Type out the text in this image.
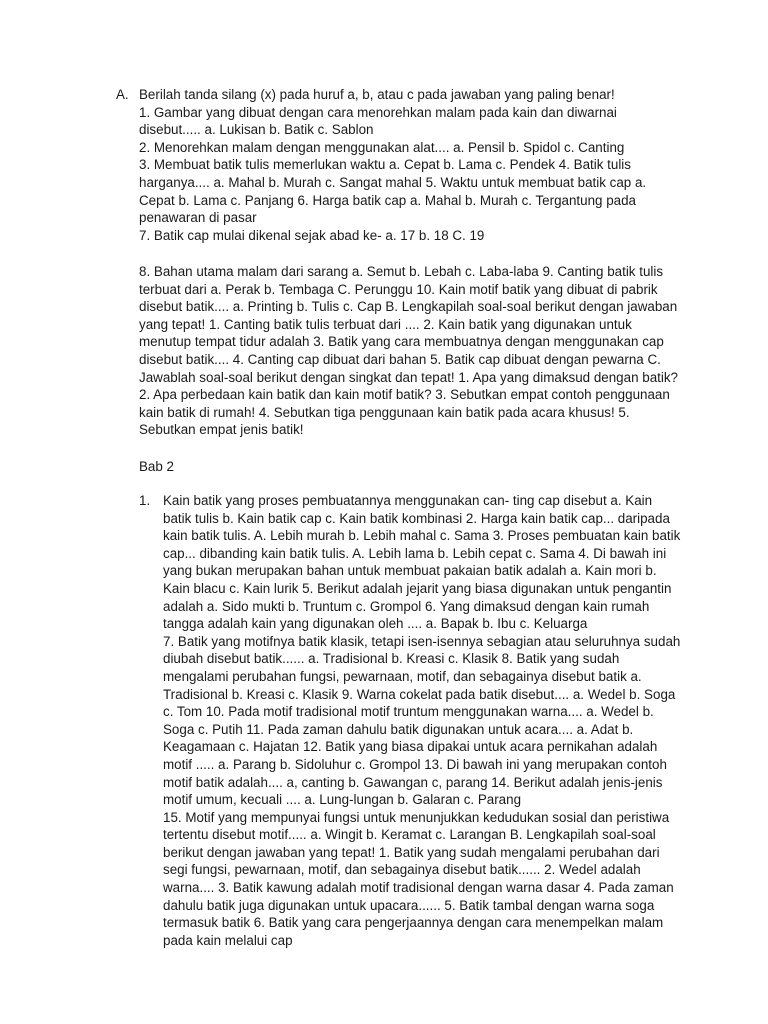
A. Berilah tanda silang (x) pada huruf a, b, atau c pada jawaban yang paling benar!

1. Gambar yang dibuat dengan cara menorehkan malam pada kain dan diwarnai disebut..... a. Lukisan b. Batik c. Sablon

2. Menorehkan malam dengan menggunakan alat.... a. Pensil b. Spidol c. Canting

3. Membuat batik tulis memerlukan waktu a. Cepat b. Lama c. Pendek 4. Batik tulis harganya.... a. Mahal b. Murah c. Sangat mahal 5. Waktu untuk membuat batik cap a. Cepat b. Lama c. Panjang 6. Harga batik cap a. Mahal b. Murah c. Tergantung pada penawaran di pasar

7. Batik cap mulai dikenal sejak abad ke- a. 17 b. 18 C. 19

8. Bahan utama malam dari sarang a. Semut b. Lebah c. Laba-laba 9. Canting batik tulis terbuat dari a. Perak b. Tembaga C. Perunggu 10. Kain motif batik yang dibuat di pabrik disebut batik.... a. Printing b. Tulis c. Cap B. Lengkapilah soal-soal berikut dengan jawaban yang tepat! 1. Canting batik tulis terbuat dari .... 2. Kain batik yang digunakan untuk menutup tempat tidur adalah 3. Batik yang cara membuatnya dengan menggunakan cap disebut batik.... 4. Canting cap dibuat dari bahan 5. Batik cap dibuat dengan pewarna C. Jawablah soal-soal berikut dengan singkat dan tepat! 1. Apa yang dimaksud dengan batik? 2. Apa perbedaan kain batik dan kain motif batik? 3. Sebutkan empat contoh penggunaan kain batik di rumah! 4. Sebutkan tiga penggunaan kain batik pada acara khusus! 5. Sebutkan empat jenis batik!

Bab 2

1. Kain batik yang proses pembuatannya menggunakan can- ting cap disebut a. Kain batik tulis b. Kain batik cap c. Kain batik kombinasi 2. Harga kain batik cap... daripada kain batik tulis. A. Lebih murah b. Lebih mahal c. Sama 3. Proses pembuatan kain batik cap... dibanding kain batik tulis. A. Lebih lama b. Lebih cepat c. Sama 4. Di bawah ini yang bukan merupakan bahan untuk membuat pakaian batik adalah a. Kain mori b. Kain blacu c. Kain lurik 5. Berikut adalah jejarit yang biasa digunakan untuk pengantin adalah a. Sido mukti b. Truntum c. Grompol 6. Yang dimaksud dengan kain rumah tangga adalah kain yang digunakan oleh .... a. Bapak b. Ibu c. Keluarga

7. Batik yang motifnya batik klasik, tetapi isen-isennya sebagian atau seluruhnya sudah diubah disebut batik...... a. Tradisional b. Kreasi c. Klasik 8. Batik yang sudah mengalami perubahan fungsi, pewarnaan, motif, dan sebagainya disebut batik a. Tradisional b. Kreasi c. Klasik 9. Warna cokelat pada batik disebut.... a. Wedel b. Soga c. Tom 10. Pada motif tradisional motif truntum menggunakan warna.... a. Wedel b. Soga c. Putih 11. Pada zaman dahulu batik digunakan untuk acara.... a. Adat b. Keagamaan c. Hajatan 12. Batik yang biasa dipakai untuk acara pernikahan adalah motif ..... a. Parang b. Sidoluhur c. Grompol 13. Di bawah ini yang merupakan contoh motif batik adalah.... a, canting b. Gawangan c, parang 14. Berikut adalah jenis-jenis motif umum, kecuali .... a. Lung-lungan b. Galaran c. Parang

15. Motif yang mempunyai fungsi untuk menunjukkan kedudukan sosial dan peristiwa tertentu disebut motif..... a. Wingit b. Keramat c. Larangan B. Lengkapilah soal-soal berikut dengan jawaban yang tepat! 1. Batik yang sudah mengalami perubahan dari segi fungsi, pewarnaan, motif, dan sebagainya disebut batik...... 2. Wedel adalah warna.... 3. Batik kawung adalah motif tradisional dengan warna dasar 4. Pada zaman dahulu batik juga digunakan untuk upacara...... 5. Batik tambal dengan warna soga termasuk batik 6. Batik yang cara pengerjaannya dengan cara menempelkan malam pada kain melalui cap
